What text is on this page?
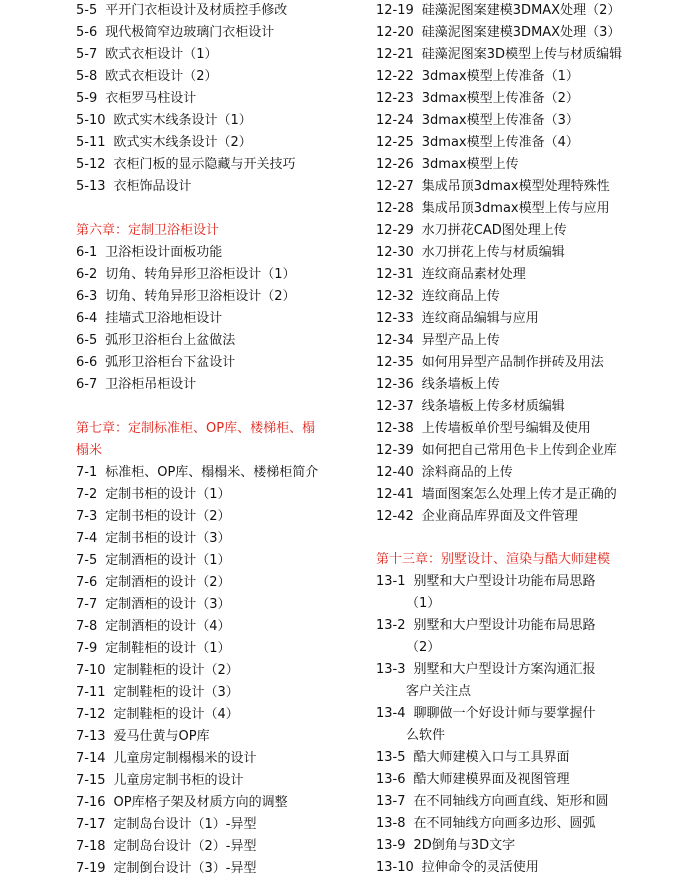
5-5 平开门衣柜设计及材质控手修改
5-6 现代极简窄边玻璃门衣柜设计
5-7 欧式衣柜设计（1）
5-8 欧式衣柜设计（2）
5-9 衣柜罗马柱设计
5-10 欧式实木线条设计（1）
5-11 欧式实木线条设计（2）
5-12 衣柜门板的显示隐藏与开关技巧
5-13 衣柜饰品设计
第六章：定制卫浴柜设计
6-1 卫浴柜设计面板功能
6-2 切角、转角异形卫浴柜设计（1）
6-3 切角、转角异形卫浴柜设计（2）
6-4 挂墙式卫浴地柜设计
6-5 弧形卫浴柜台上盆做法
6-6 弧形卫浴柜台下盆设计
6-7 卫浴柜吊柜设计
第七章：定制标准柜、OP库、楼梯柜、榻
榻米
7-1 标准柜、OP库、榻榻米、楼梯柜简介
7-2 定制书柜的设计（1）
7-3 定制书柜的设计（2）
7-4 定制书柜的设计（3）
7-5 定制酒柜的设计（1）
7-6 定制酒柜的设计（2）
7-7 定制酒柜的设计（3）
7-8 定制酒柜的设计（4）
7-9 定制鞋柜的设计（1）
7-10 定制鞋柜的设计（2）
7-11 定制鞋柜的设计（3）
7-12 定制鞋柜的设计（4）
7-13 爱马仕黄与OP库
7-14 儿童房定制榻榻米的设计
7-15 儿童房定制书柜的设计
7-16 OP库格子架及材质方向的调整
7-17 定制岛台设计（1）-异型
7-18 定制岛台设计（2）-异型
7-19 定制倒台设计（3）-异型
12-19 硅藻泥图案建模3DMAX处理（2）
12-20 硅藻泥图案建模3DMAX处理（3）
12-21 硅藻泥图案3D模型上传与材质编辑
12-22 3dmax模型上传准备（1）
12-23 3dmax模型上传准备（2）
12-24 3dmax模型上传准备（3）
12-25 3dmax模型上传准备（4）
12-26 3dmax模型上传
12-27 集成吊顶3dmax模型处理特殊性
12-28 集成吊顶3dmax模型上传与应用
12-29 水刀拼花CAD图处理上传
12-30 水刀拼花上传与材质编辑
12-31 连纹商品素材处理
12-32 连纹商品上传
12-33 连纹商品编辑与应用
12-34 异型产品上传
12-35 如何用异型产品制作拼砖及用法
12-36 线条墙板上传
12-37 线条墙板上传多材质编辑
12-38 上传墙板单价型号编辑及使用
12-39 如何把自己常用色卡上传到企业库
12-40 涂料商品的上传
12-41 墙面图案怎么处理上传才是正确的
12-42 企业商品库界面及文件管理
第十三章：别墅设计、渲染与酷大师建模
13-1 别墅和大户型设计功能布局思路
（1）
13-2 别墅和大户型设计功能布局思路
（2）
13-3 别墅和大户型设计方案沟通汇报
客户关注点
13-4 聊聊做一个好设计师与要掌握什
么软件
13-5 酷大师建模入口与工具界面
13-6 酷大师建模界面及视图管理
13-7 在不同轴线方向画直线、矩形和圆
13-8 在不同轴线方向画多边形、圆弧
13-9 2D倒角与3D文字
13-10 拉伸命令的灵活使用
